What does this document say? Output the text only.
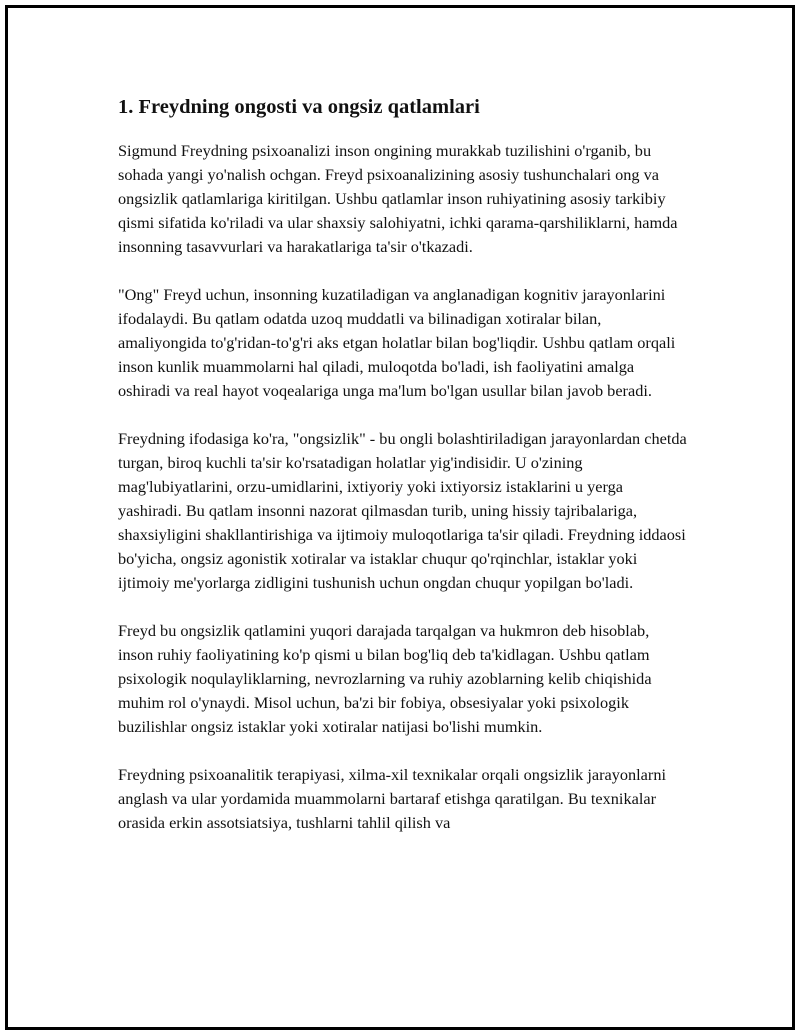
1. Freydning ongosti va ongsiz qatlamlari

Sigmund Freydning psixoanalizi inson ongining murakkab tuzilishini o'rganib, bu sohada yangi yo'nalish ochgan. Freyd psixoanalizining asosiy tushunchalari ong va ongsizlik qatlamlariga kiritilgan. Ushbu qatlamlar inson ruhiyatining asosiy tarkibiy qismi sifatida ko'riladi va ular shaxsiy salohiyatni, ichki qarama-qarshiliklarni, hamda insonning tasavvurlari va harakatlariga ta'sir o'tkazadi.

"Ong" Freyd uchun, insonning kuzatiladigan va anglanadigan kognitiv jarayonlarini ifodalaydi. Bu qatlam odatda uzoq muddatli va bilinadigan xotiralar bilan, amaliyongida to'g'ridan-to'g'ri aks etgan holatlar bilan bog'liqdir. Ushbu qatlam orqali inson kunlik muammolarni hal qiladi, muloqotda bo'ladi, ish faoliyatini amalga oshiradi va real hayot voqealariga unga ma'lum bo'lgan usullar bilan javob beradi.

Freydning ifodasiga ko'ra, "ongsizlik" - bu ongli bolashtiriladigan jarayonlardan chetda turgan, biroq kuchli ta'sir ko'rsatadigan holatlar yig'indisidir. U o'zining mag'lubiyatlarini, orzu-umidlarini, ixtiyoriy yoki ixtiyorsiz istaklarini u yerga yashiradi. Bu qatlam insonni nazorat qilmasdan turib, uning hissiy tajribalariga, shaxsiyligini shakllantirishiga va ijtimoiy muloqotlariga ta'sir qiladi. Freydning iddaosi bo'yicha, ongsiz agonistik xotiralar va istaklar chuqur qo'rqinchlar, istaklar yoki ijtimoiy me'yorlarga zidligini tushunish uchun ongdan chuqur yopilgan bo'ladi.

Freyd bu ongsizlik qatlamini yuqori darajada tarqalgan va hukmron deb hisoblab, inson ruhiy faoliyatining ko'p qismi u bilan bog'liq deb ta'kidlagan. Ushbu qatlam psixologik noqulayliklarning, nevrozlarning va ruhiy azoblarning kelib chiqishida muhim rol o'ynaydi. Misol uchun, ba'zi bir fobiya, obsesiyalar yoki psixologik buzilishlar ongsiz istaklar yoki xotiralar natijasi bo'lishi mumkin.

Freydning psixoanalitik terapiyasi, xilma-xil texnikalar orqali ongsizlik jarayonlarni anglash va ular yordamida muammolarni bartaraf etishga qaratilgan. Bu texnikalar orasida erkin assotsiatsiya, tushlarni tahlil qilish va
